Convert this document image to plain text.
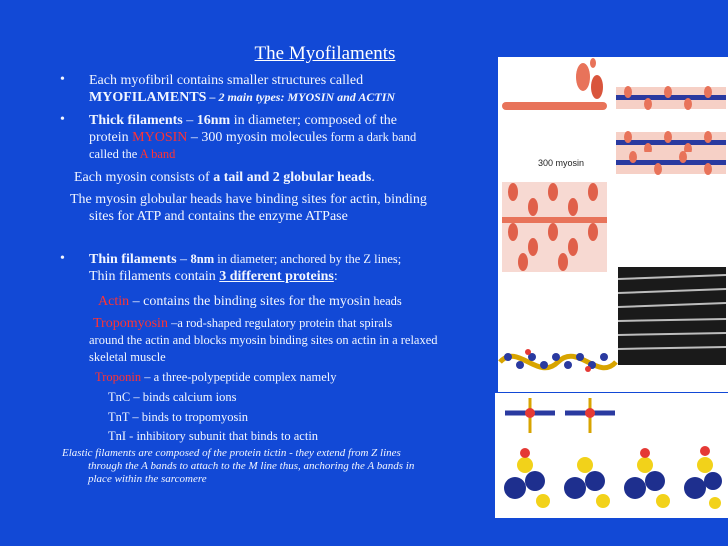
The Myofilaments
• Each myofibril contains smaller structures called
MYOFILAMENTS – 2 main types: MYOSIN and ACTIN
• Thick filaments – 16nm in diameter; composed of the
protein MYOSIN – 300 myosin molecules form a dark band
called the A band
Each myosin consists of a tail and 2 globular heads.
The myosin globular heads have binding sites for actin, binding
sites for ATP and contains the enzyme ATPase
• Thin filaments – 8nm in diameter; anchored by the Z lines;
Thin filaments contain 3 different proteins:
Actin – contains the binding sites for the myosin heads
Tropomyosin –a rod-shaped regulatory protein that spirals
around the actin and blocks myosin binding sites on actin in a relaxed
skeletal muscle
Troponin – a three-polypeptide complex namely
TnC – binds calcium ions
TnT – binds to tropomyosin
TnI - inhibitory subunit that binds to actin
Elastic filaments are composed of the protein tictin - they extend from Z lines
through the A bands to attach to the M line thus, anchoring the A bands in
place within the sarcomere
300 myosin
